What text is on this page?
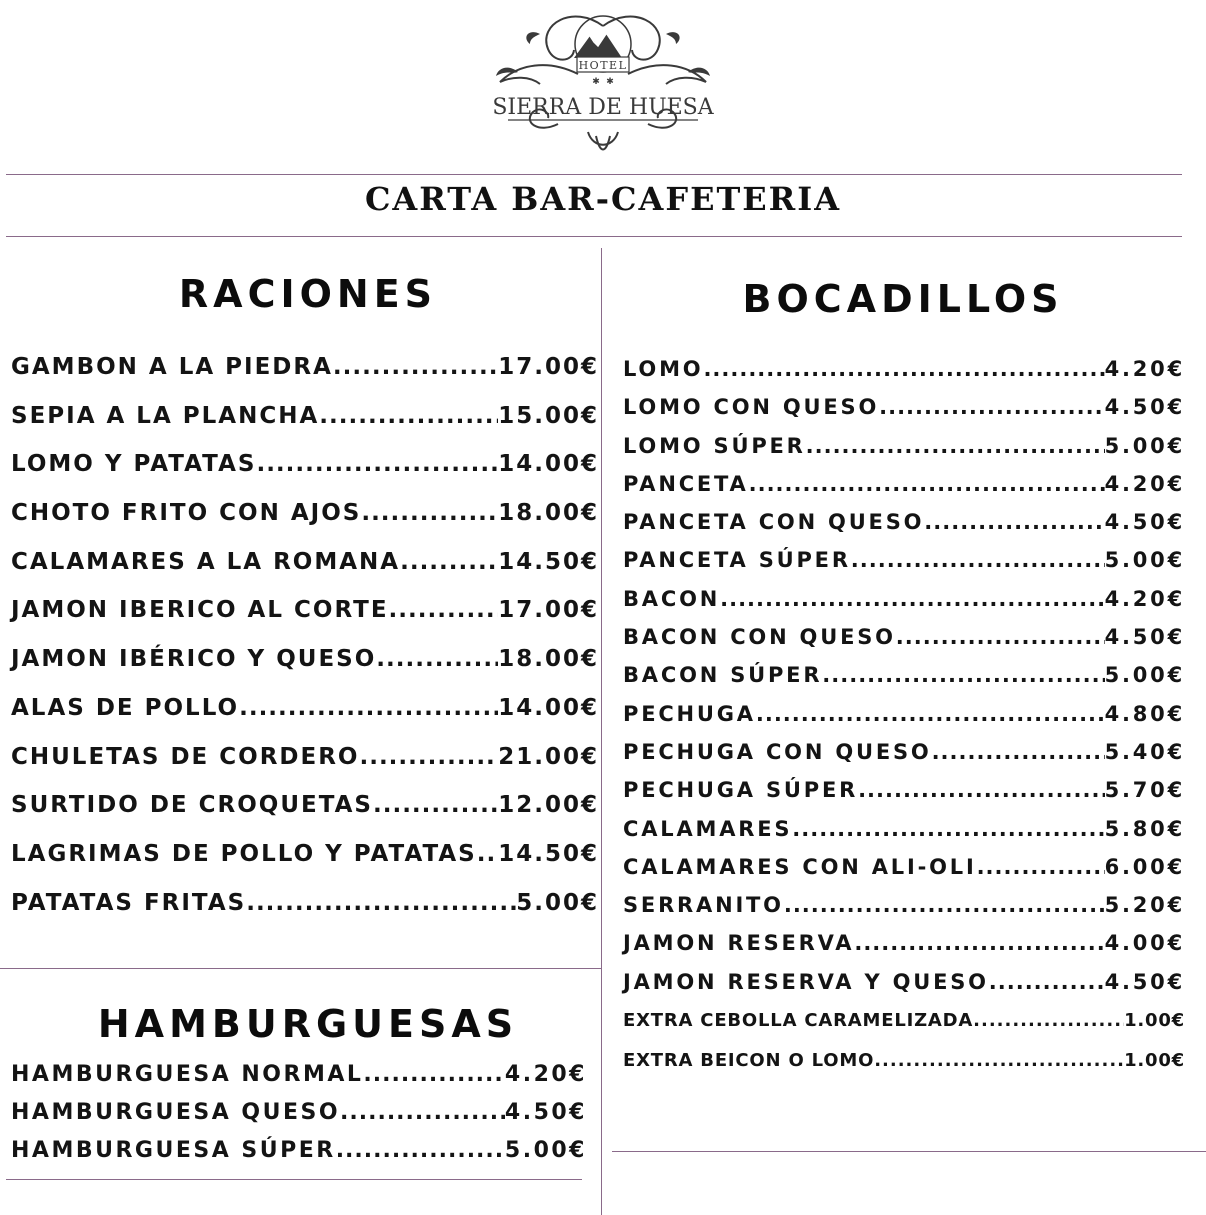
HOTEL
✱ ✱
SIERRA DE HUESA
CARTA BAR-CAFETERIA
RACIONES
GAMBON A LA PIEDRA .....	17.00€
SEPIA A LA PLANCHA .....	15.00€
LOMO Y PATATAS .....	14.00€
CHOTO FRITO CON AJOS .....	18.00€
CALAMARES A LA ROMANA .....	14.50€
JAMON IBERICO AL CORTE .....	17.00€
JAMON IBÉRICO Y QUESO .....	18.00€
ALAS DE POLLO .....	14.00€
CHULETAS DE CORDERO .....	21.00€
SURTIDO DE CROQUETAS .....	12.00€
LAGRIMAS DE POLLO Y PATATAS ..... 14.50€
PATATAS FRITAS .....	5.00€
HAMBURGUESAS
HAMBURGUESA NORMAL .....	4.20€
HAMBURGUESA QUESO .....	4.50€
HAMBURGUESA SÚPER .....	5.00€
BOCADILLOS
LOMO .....	4.20€
LOMO CON QUESO .....	4.50€
LOMO SÚPER .....	5.00€
PANCETA .....	4.20€
PANCETA CON QUESO .....	4.50€
PANCETA SÚPER .....	5.00€
BACON .....	4.20€
BACON CON QUESO .....	4.50€
BACON SÚPER .....	5.00€
PECHUGA .....	4.80€
PECHUGA CON QUESO .....	5.40€
PECHUGA SÚPER .....	5.70€
CALAMARES .....	5.80€
CALAMARES CON ALI-OLI .....	6.00€
SERRANITO .....	5.20€
JAMON RESERVA .....	4.00€
JAMON RESERVA Y QUESO .....	4.50€
EXTRA CEBOLLA CARAMELIZADA .....	1.00€
EXTRA BEICON O LOMO .....	1.00€
